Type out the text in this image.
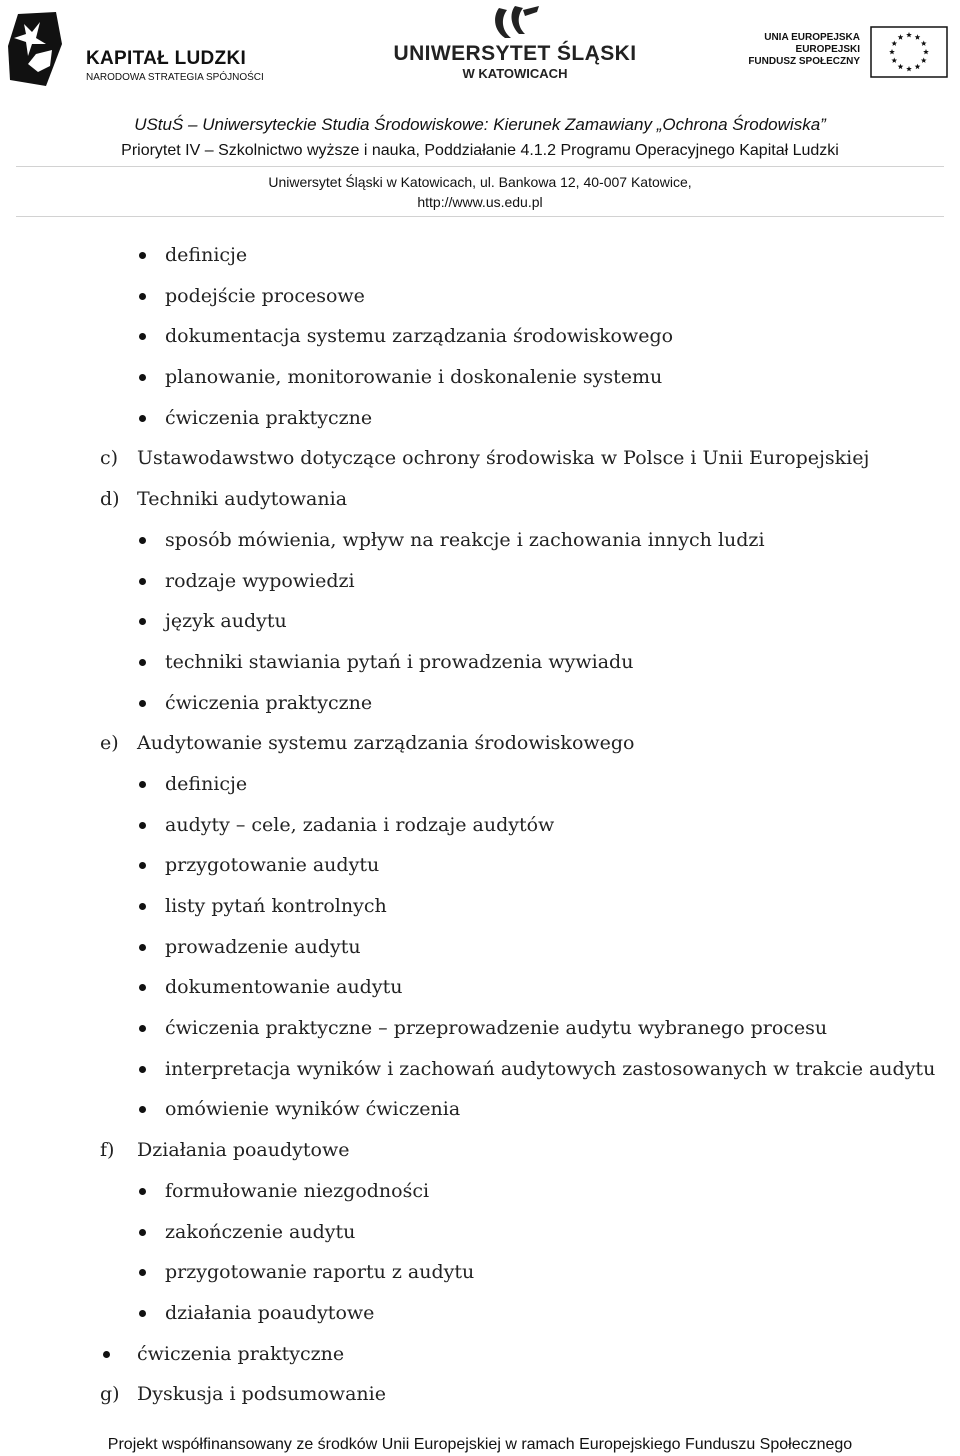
KAPITAŁ LUDZKI
NARODOWA STRATEGIA SPÓJNOŚCI
UNIWERSYTET ŚLĄSKI
W KATOWICACH
UNIA EUROPEJSKA
EUROPEJSKI
FUNDUSZ SPOŁECZNY
UStuŚ – Uniwersyteckie Studia Środowiskowe: Kierunek Zamawiany „Ochrona Środowiska”
Priorytet IV – Szkolnictwo wyższe i nauka, Poddziałanie 4.1.2 Programu Operacyjnego Kapitał Ludzki
Uniwersytet Śląski w Katowicach, ul. Bankowa 12, 40-007 Katowice,
http://www.us.edu.pl
definicje
podejście procesowe
dokumentacja systemu zarządzania środowiskowego
planowanie, monitorowanie i doskonalenie systemu
ćwiczenia praktyczne
c) Ustawodawstwo dotyczące ochrony środowiska w Polsce i Unii Europejskiej
d) Techniki audytowania
sposób mówienia, wpływ na reakcje i zachowania innych ludzi
rodzaje wypowiedzi
język audytu
techniki stawiania pytań i prowadzenia wywiadu
ćwiczenia praktyczne
e) Audytowanie systemu zarządzania środowiskowego
definicje
audyty – cele, zadania i rodzaje audytów
przygotowanie audytu
listy pytań kontrolnych
prowadzenie audytu
dokumentowanie audytu
ćwiczenia praktyczne – przeprowadzenie audytu wybranego procesu
interpretacja wyników i zachowań audytowych zastosowanych w trakcie audytu
omówienie wyników ćwiczenia
f) Działania poaudytowe
formułowanie niezgodności
zakończenie audytu
przygotowanie raportu z audytu
działania poaudytowe
ćwiczenia praktyczne
g) Dyskusja i podsumowanie
Projekt współfinansowany ze środków Unii Europejskiej w ramach Europejskiego Funduszu Społecznego
